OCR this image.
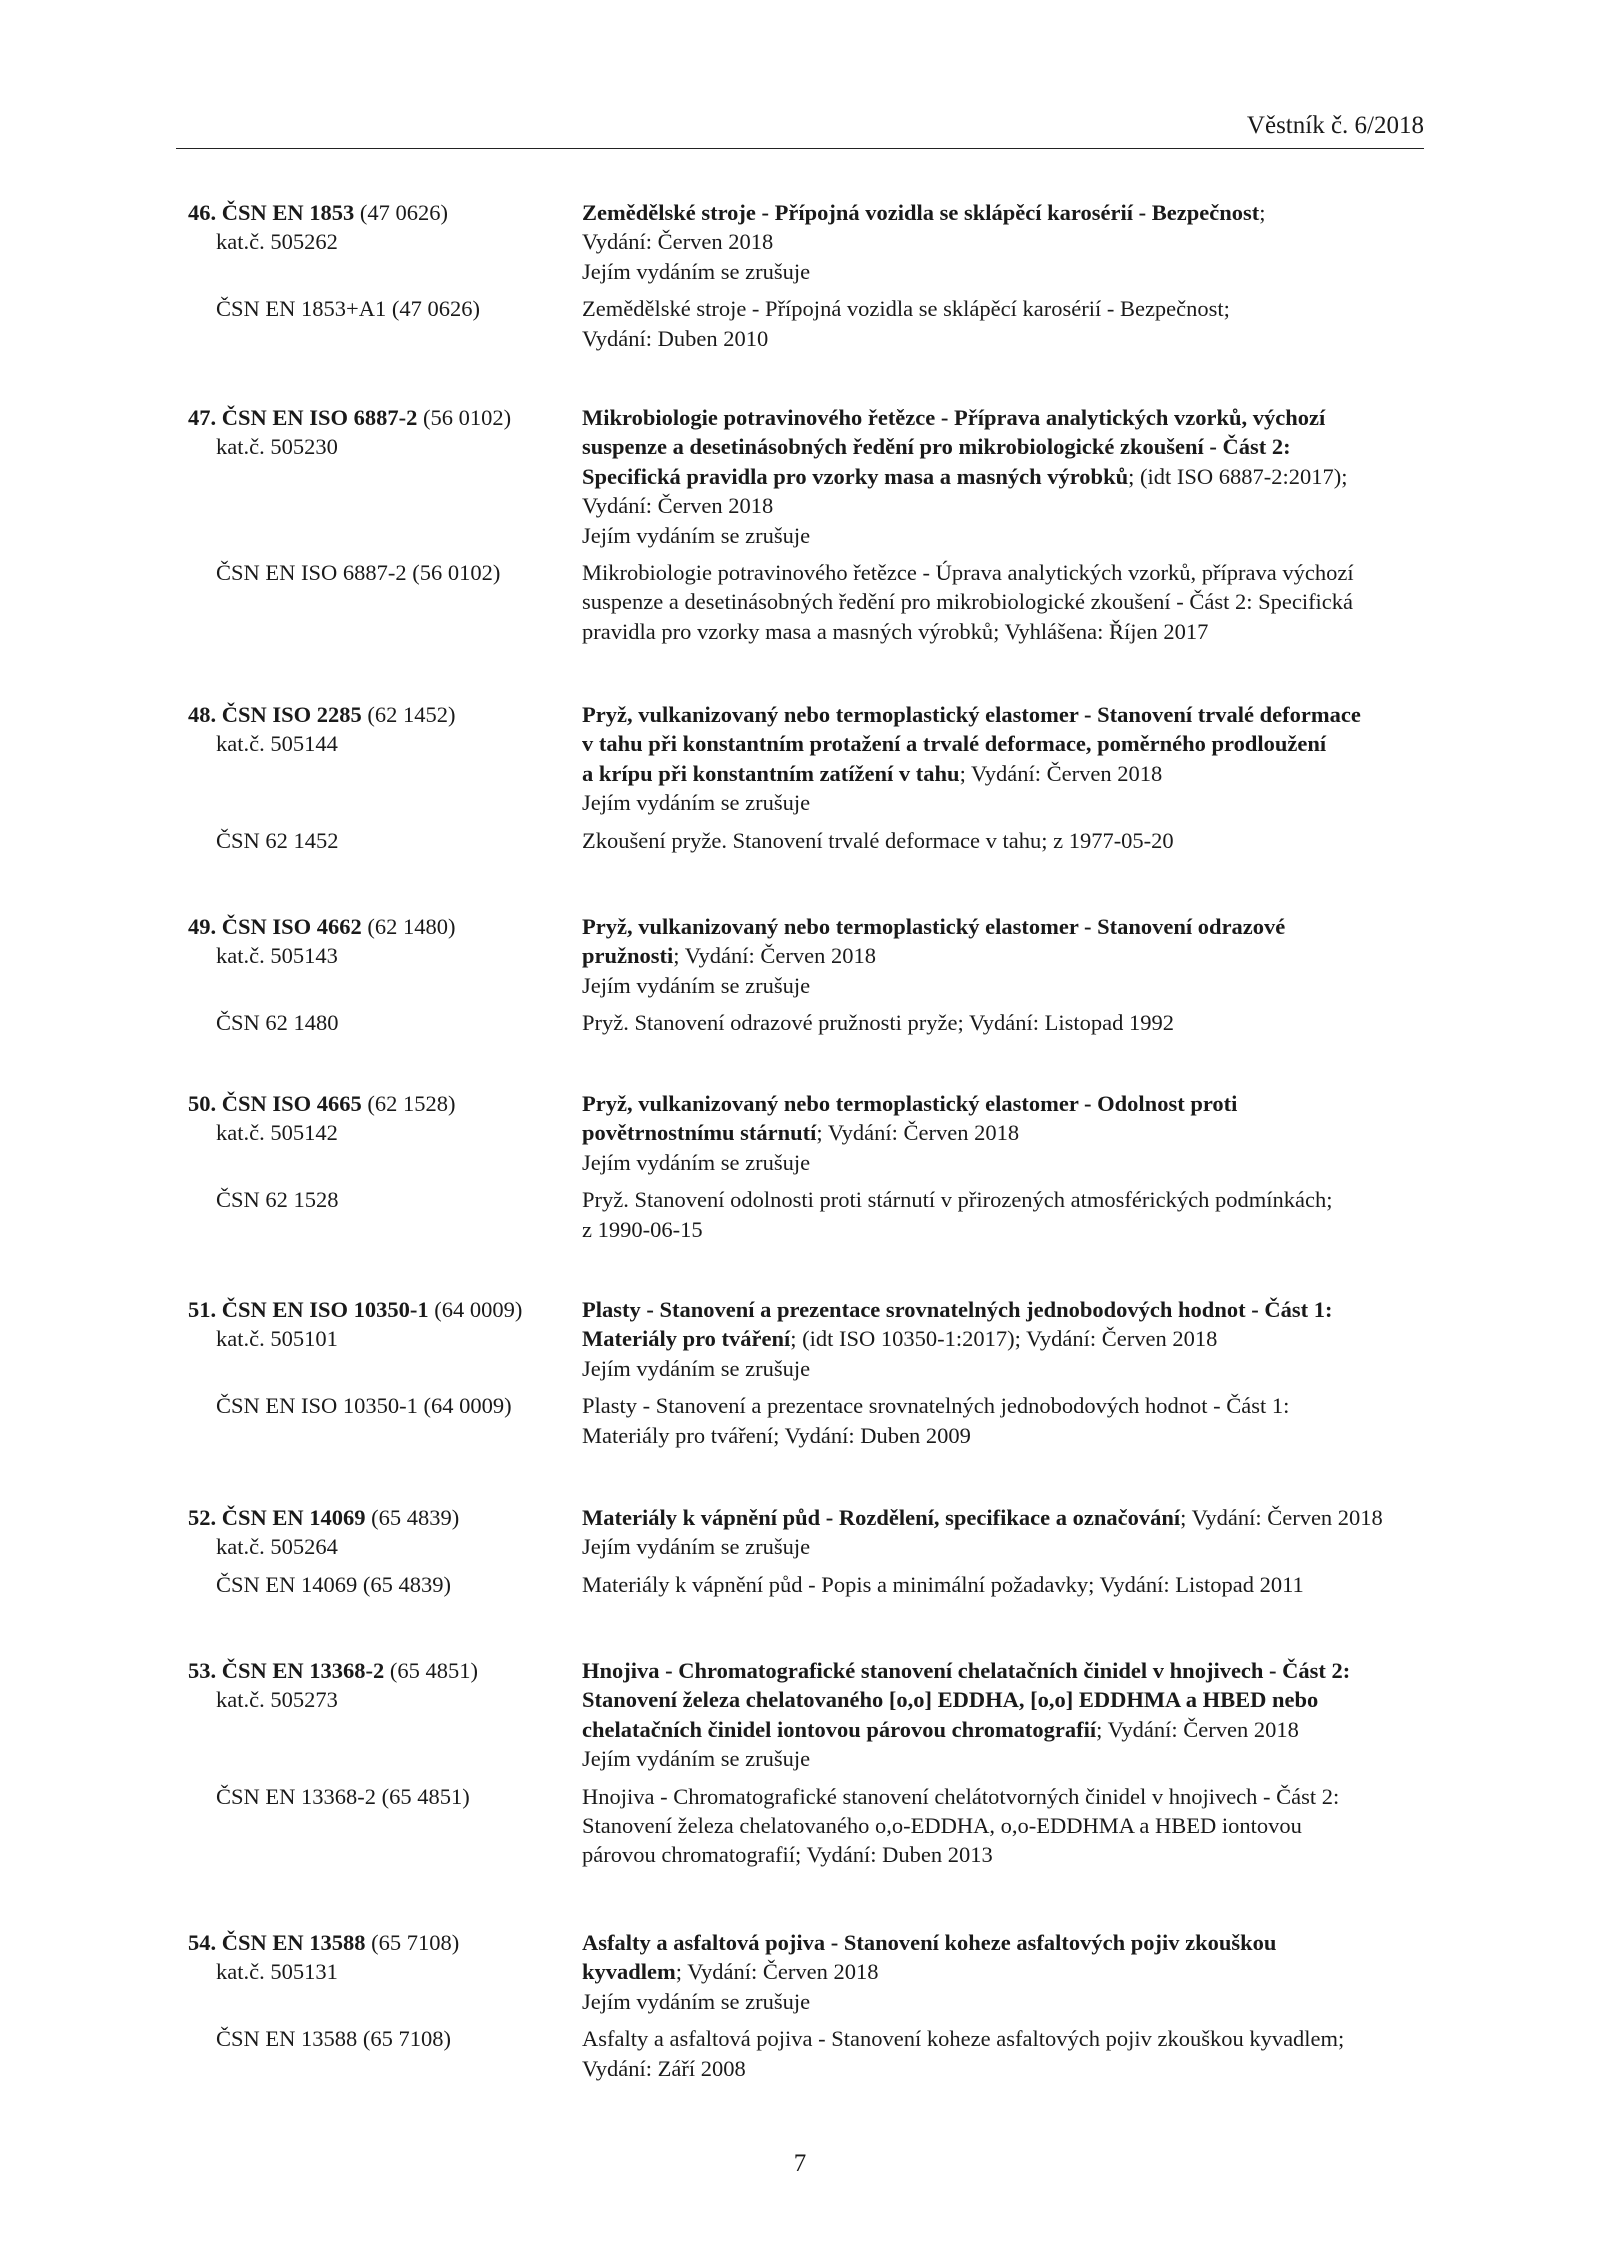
Věstník č. 6/2018
46. ČSN EN 1853 (47 0626)	Zemědělské stroje - Přípojná vozidla se sklápěcí karosérií - Bezpečnost;
kat.č. 505262	Vydání: Červen 2018
Jejím vydáním se zrušuje
ČSN EN 1853+A1 (47 0626)	Zemědělské stroje - Přípojná vozidla se sklápěcí karosérií - Bezpečnost;
Vydání: Duben 2010
47. ČSN EN ISO 6887-2 (56 0102)	Mikrobiologie potravinového řetězce - Příprava analytických vzorků, výchozí
kat.č. 505230	suspenze a desetinásobných ředění pro mikrobiologické zkoušení - Část 2:
Specifická pravidla pro vzorky masa a masných výrobků; (idt ISO 6887-2:2017);
Vydání: Červen 2018
Jejím vydáním se zrušuje
ČSN EN ISO 6887-2 (56 0102)	Mikrobiologie potravinového řetězce - Úprava analytických vzorků, příprava výchozí
suspenze a desetinásobných ředění pro mikrobiologické zkoušení - Část 2: Specifická
pravidla pro vzorky masa a masných výrobků; Vyhlášena: Říjen 2017
48. ČSN ISO 2285 (62 1452)	Pryž, vulkanizovaný nebo termoplastický elastomer - Stanovení trvalé deformace
kat.č. 505144	v tahu při konstantním protažení a trvalé deformace, poměrného prodloužení
a krípu při konstantním zatížení v tahu; Vydání: Červen 2018
Jejím vydáním se zrušuje
ČSN 62 1452	Zkoušení pryže. Stanovení trvalé deformace v tahu; z 1977-05-20
49. ČSN ISO 4662 (62 1480)	Pryž, vulkanizovaný nebo termoplastický elastomer - Stanovení odrazové
kat.č. 505143	pružnosti; Vydání: Červen 2018
Jejím vydáním se zrušuje
ČSN 62 1480	Pryž. Stanovení odrazové pružnosti pryže; Vydání: Listopad 1992
50. ČSN ISO 4665 (62 1528)	Pryž, vulkanizovaný nebo termoplastický elastomer - Odolnost proti
kat.č. 505142	povětrnostnímu stárnutí; Vydání: Červen 2018
Jejím vydáním se zrušuje
ČSN 62 1528	Pryž. Stanovení odolnosti proti stárnutí v přirozených atmosférických podmínkách;
z 1990-06-15
51. ČSN EN ISO 10350-1 (64 0009)	Plasty - Stanovení a prezentace srovnatelných jednobodových hodnot - Část 1:
kat.č. 505101	Materiály pro tváření; (idt ISO 10350-1:2017); Vydání: Červen 2018
Jejím vydáním se zrušuje
ČSN EN ISO 10350-1 (64 0009)	Plasty - Stanovení a prezentace srovnatelných jednobodových hodnot - Část 1:
Materiály pro tváření; Vydání: Duben 2009
52. ČSN EN 14069 (65 4839)	Materiály k vápnění půd - Rozdělení, specifikace a označování; Vydání: Červen 2018
kat.č. 505264	Jejím vydáním se zrušuje
ČSN EN 14069 (65 4839)	Materiály k vápnění půd - Popis a minimální požadavky; Vydání: Listopad 2011
53. ČSN EN 13368-2 (65 4851)	Hnojiva - Chromatografické stanovení chelatačních činidel v hnojivech - Část 2:
kat.č. 505273	Stanovení železa chelatovaného [o,o] EDDHA, [o,o] EDDHMA a HBED nebo
chelatačních činidel iontovou párovou chromatografií; Vydání: Červen 2018
Jejím vydáním se zrušuje
ČSN EN 13368-2 (65 4851)	Hnojiva - Chromatografické stanovení chelátotvorných činidel v hnojivech - Část 2:
Stanovení železa chelatovaného o,o-EDDHA, o,o-EDDHMA a HBED iontovou
párovou chromatografií; Vydání: Duben 2013
54. ČSN EN 13588 (65 7108)	Asfalty a asfaltová pojiva - Stanovení koheze asfaltových pojiv zkouškou
kat.č. 505131	kyvadlem; Vydání: Červen 2018
Jejím vydáním se zrušuje
ČSN EN 13588 (65 7108)	Asfalty a asfaltová pojiva - Stanovení koheze asfaltových pojiv zkouškou kyvadlem;
Vydání: Září 2008
7
